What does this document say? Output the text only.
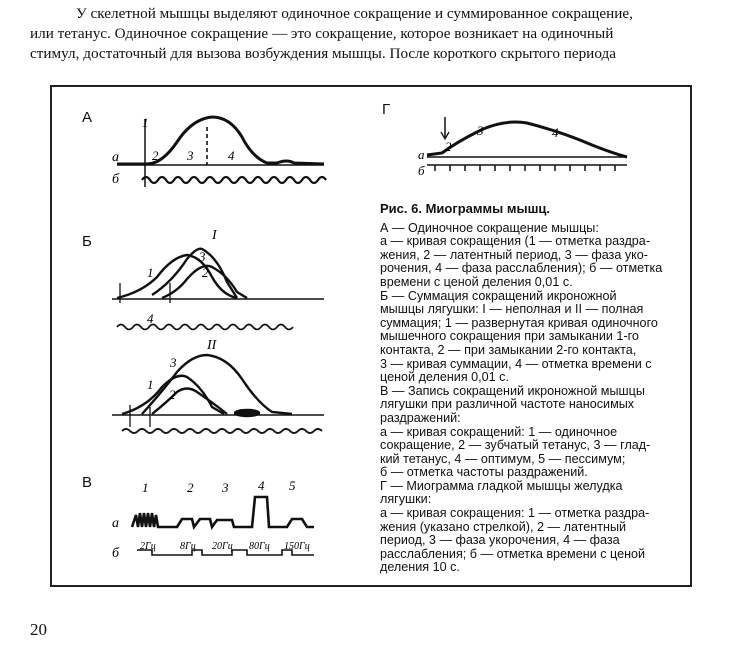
У скелетной мышцы выделяют одиночное сокращение и суммированное сокращение,
или тетанус. Одиночное сокращение — это сокращение, которое возникает на одиночный
стимул, достаточный для вызова возбуждения мышцы. После короткого скрытого периода
а
б
1
2 3	4
I
1
3
2
4
II
3
1
2
а
б
1	2 3 4 5
2Гц 8Гц 20Гц 80Гц 150Гц
а
б
2
3	4
А
Б
В
Г
Рис. 6. Миограммы мышц.
А — Одиночное сокращение мышцы:
а — кривая сокращения (1 — отметка раздра-
жения, 2 — латентный период, 3 — фаза уко-
рочения, 4 — фаза расслабления); б — отметка
времени с ценой деления 0,01 с.
Б — Суммация сокращений икроножной
мышцы лягушки: I — неполная и II — полная
суммация; 1 — развернутая кривая одиночного
мышечного сокращения при замыкании 1-го
контакта, 2 — при замыкании 2-го контакта,
3 — кривая суммации, 4 — отметка времени с
ценой деления 0,01 с.
В — Запись сокращений икроножной мышцы
лягушки при различной частоте наносимых
раздражений:
а — кривая сокращений: 1 — одиночное
сокращение, 2 — зубчатый тетанус, 3 — глад-
кий тетанус, 4 — оптимум, 5 — пессимум;
б — отметка частоты раздражений.
Г — Миограмма гладкой мышцы желудка
лягушки:
а — кривая сокращения: 1 — отметка раздра-
жения (указано стрелкой), 2 — латентный
период, 3 — фаза укорочения, 4 — фаза
расслабления; б — отметка времени с ценой
деления 10 с.
20
